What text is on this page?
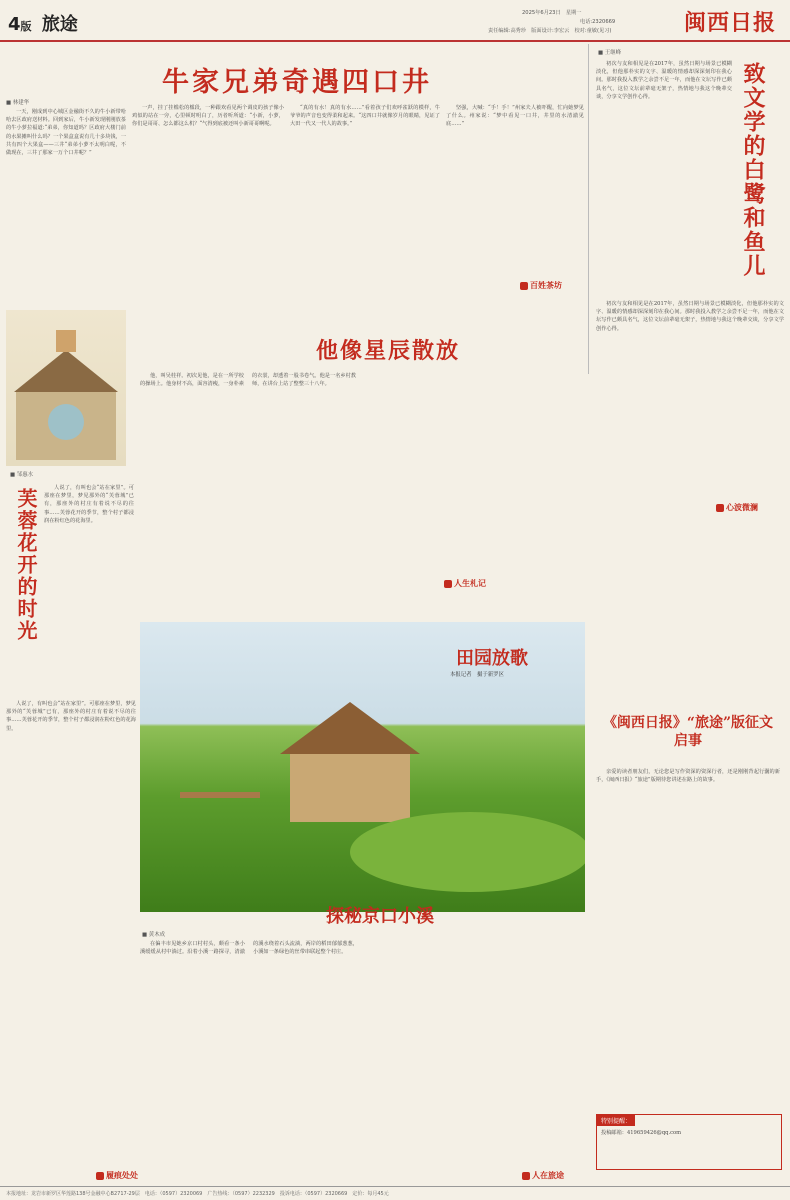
4版 旅途
2025年6月23日　星期一
电话:2320669
责任编辑:高秀珍　版面设计:李宏云　校对:童敏(见习)	闽西日报
牛家兄弟奇遇四口井
■ 林建华

一天，刚成到中心城区金融街不久的牛小新带哈哈去区政府送材料。回到家后，牛小新发现刚刚放茶的牛小萝拉福道:“弟弟，你知道吗？区政府大楼门前的水果摊叫什么吗？一个果盒盒说有几十多块钱，一共有四个大果盒——三井“弟弟小萝不太明白呢，不做现在，三井了那家一万个口井呢？”

一声，挂了挂槛松的槛段，一种跟欢看见两个调皮的孩子像小鸡似的站在一旁，心里顿时明白了，历者听所道：“小新，小萝，你们是哥哥、怎么都这么机？“气得到底被还叫小新哥哥啊呢。

“真的有水！真的有水……”看着孩子们欢呼雀跃的模样，牛爷爷的声音也变得柔和起来。“这四口井就像岁月的眼睛，见证了大田一代又一代人的故事。”

坚强，大喊：“手！手！”州家夫人被吓醒，忙向她梦见了什么。州家说：“梦中看见一口井，井里的水清澈见底……”

百姓茶坊
■ 王继峰

初次与友和相见是在2017年，虽然日期与场景已模糊淡化，但他那朴实的文字、温暖的情感却深深刻印在我心间。那时我投入教学之余尝不足一年，而他在文坛写作已颇具名气，这位文坛前辈毫无架子，热情地与我这个晚辈交谈，分享文学创作心得。	致文学的白鹭和鱼儿

初次与友和相见是在2017年，虽然日期与场景已模糊淡化，但他那朴实的文字、温暖的情感却深深刻印在我心间。那时我投入教学之余尝不足一年，而他在文坛写作已颇具名气，这位文坛前辈毫无架子，热情地与我这个晚辈交谈，分享文学创作心得。

心波微澜
他像星辰散放

他，叫吴桂祥。初次见他，是在一所学校的操场上。他身材不高，面容清瘦，一身朴素的衣裳，却透着一股书卷气。他是一名乡村教师，在讲台上站了整整三十八年。

人生札记
■ 邹惠水
芙蓉花开的时光	人说了，有叫也会“站在家里”。可那座在梦里，梦见那外的“芙蓉城”已有，那座外的村庄有着说不尽的往事……芙蓉花开的季节，整个村子都浸润在粉红色的花海里。

人说了，有叫也会“站在家里”。可那座在梦里，梦见那外的“芙蓉城”已有，那座外的村庄有着说不尽的往事……芙蓉花开的季节，整个村子都浸润在粉红色的花海里。

履痕处处
田园放歌
本报记者　摄于新罗区
探秘京口小溪
■ 黄木成

在偏丰市见她乡京口村村头，颇看一条小溪缓缓从村中淌过。沿着小溪一路探寻，清澈的溪水绕着石头流淌，两岸的稻田郁郁葱葱，小溪如一条绿色的丝带串联起整个村庄。

人在旅途
《闽西日报》“旅途”版征文启事

亲爱的读者朋友们，无论您是写作资深的资深行者，还是刚刚背起行囊的新手，《闽西日报》“旅途”版期待您讲述在路上的故事。

特别提醒：
投稿邮箱：419659426@qq.com
本报地址：龙岩市新罗区华莲路138号金融中心B2717-29层　电话：（0597）2320069　广告热线：（0597）2232329　投诉电话：（0597）2320669　定价：每月45元
